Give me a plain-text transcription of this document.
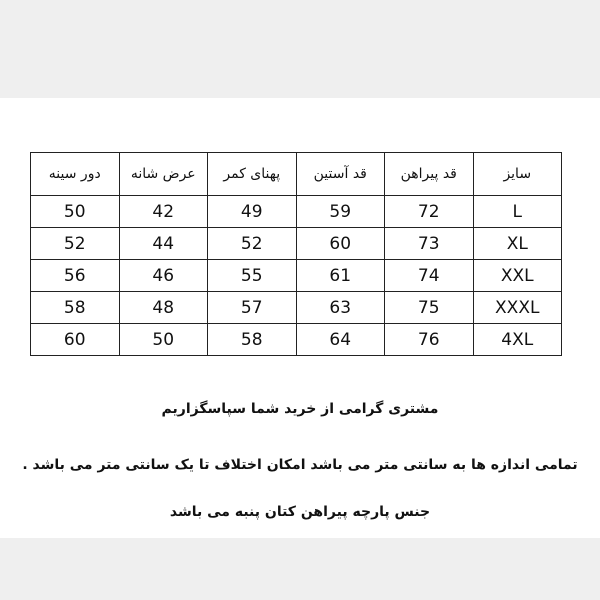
سایز	قد پیراهن	قد آستین	پهنای کمر	عرض شانه	دور سینه
L	72	59	49	42	50
XL	73	60	52	44	52
XXL	74	61	55	46	56
XXXL	75	63	57	48	58
4XL	76	64	58	50	60
مشتری گرامی از خرید شما سپاسگزاریم
تمامی اندازه ها به سانتی متر می باشد امکان اختلاف تا یک سانتی متر می باشد .
جنس پارچه پیراهن کتان پنبه می باشد
